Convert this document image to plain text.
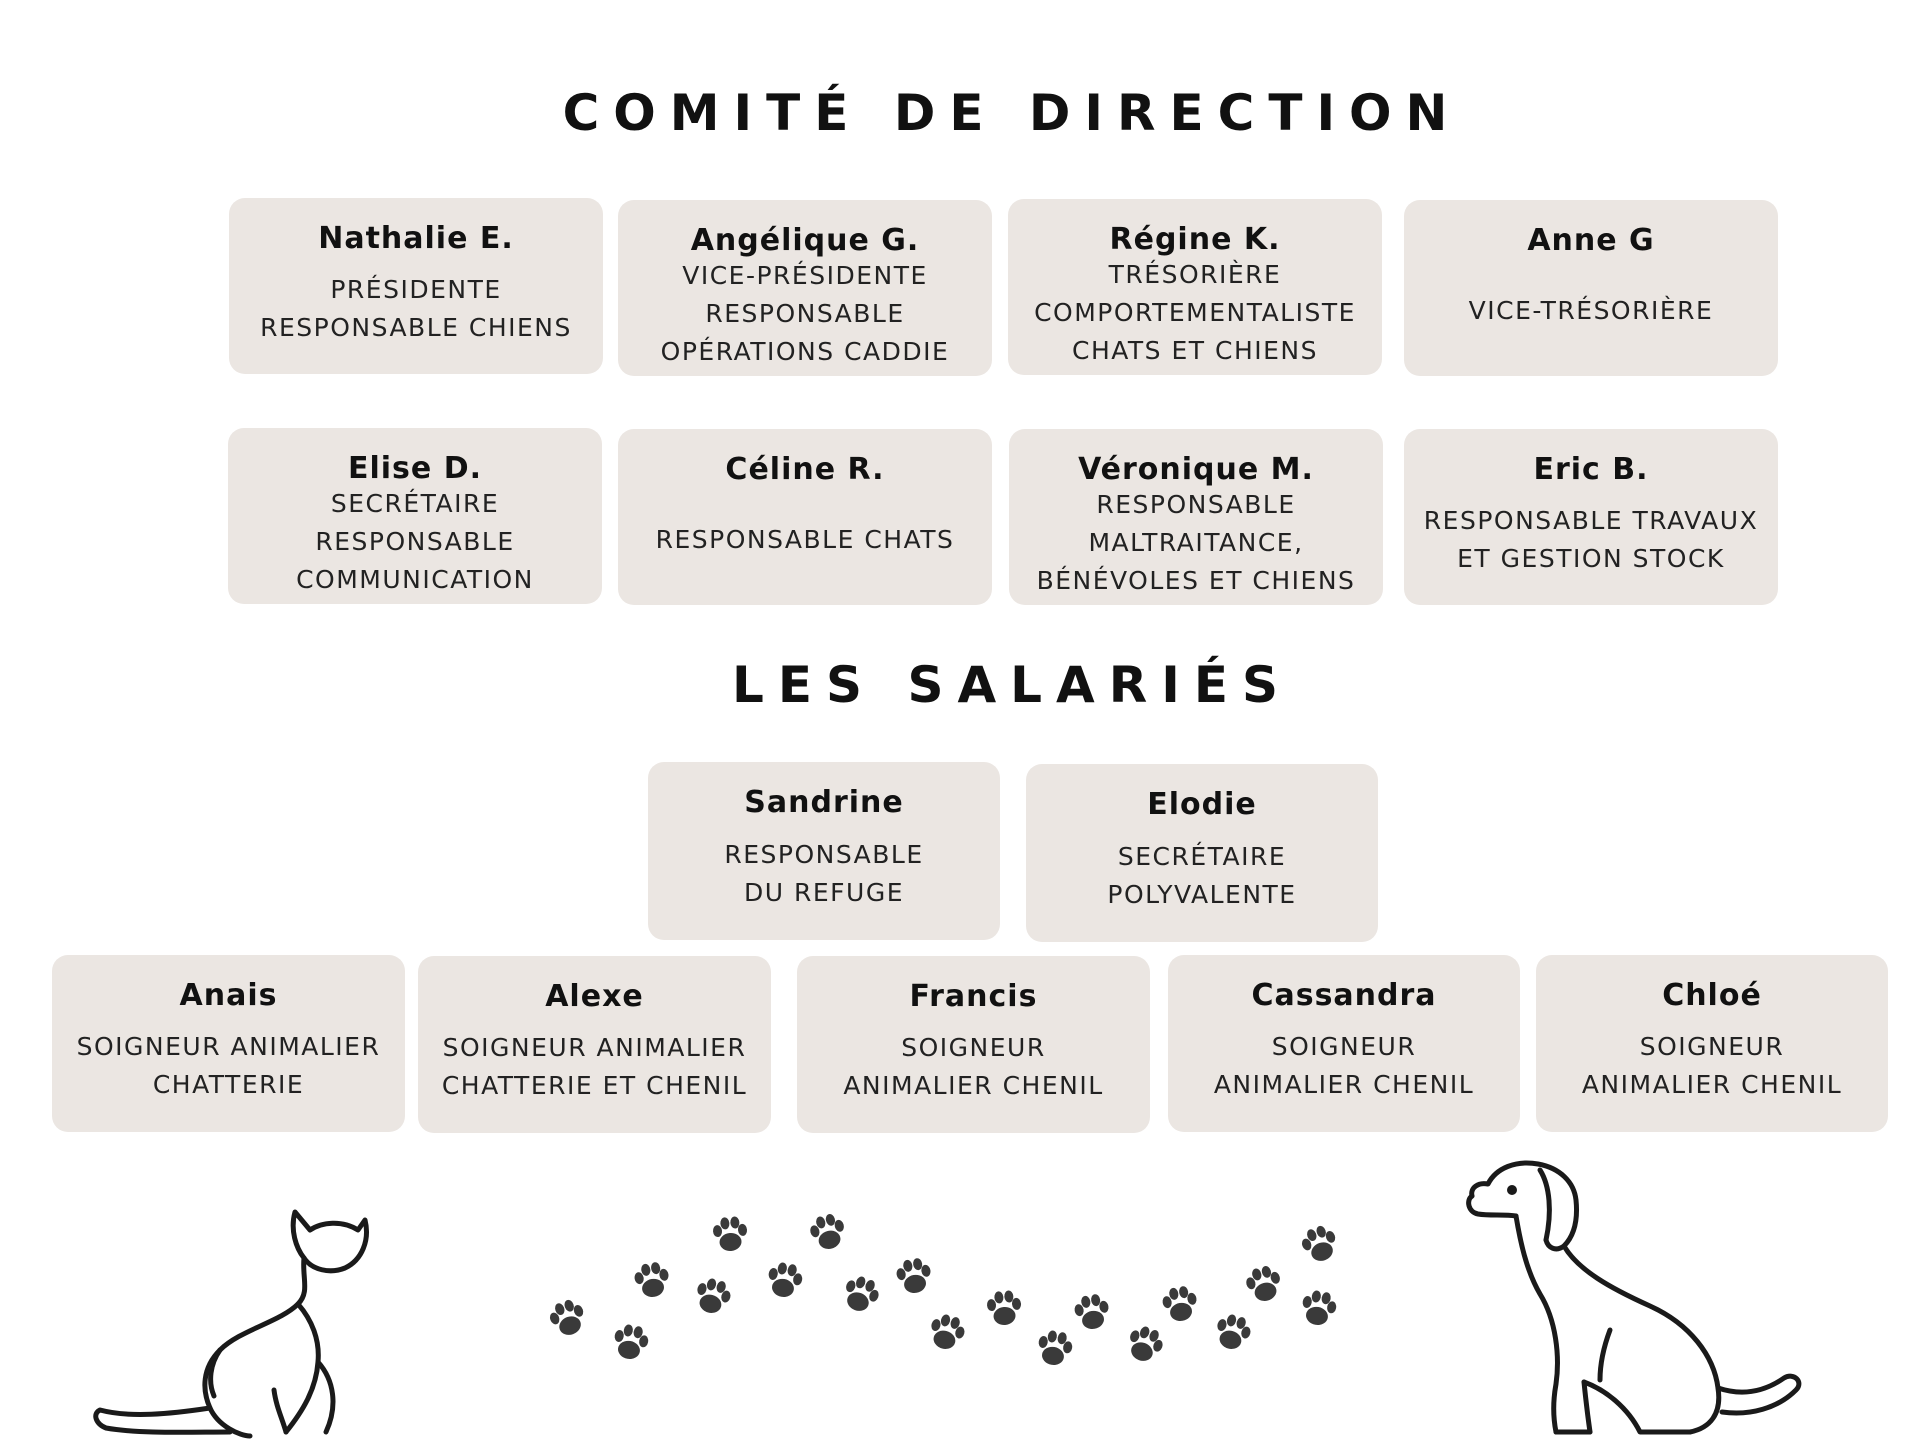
COMITÉ DE DIRECTION
Nathalie E.
PRÉSIDENTE
RESPONSABLE CHIENS
Angélique G.
VICE-PRÉSIDENTE
RESPONSABLE
OPÉRATIONS CADDIE
Régine K.
TRÉSORIÈRE
COMPORTEMENTALISTE
CHATS ET CHIENS
Anne G
VICE-TRÉSORIÈRE
Elise D.
SECRÉTAIRE
RESPONSABLE
COMMUNICATION
Céline R.
RESPONSABLE CHATS
Véronique M.
RESPONSABLE
MALTRAITANCE,
BÉNÉVOLES ET CHIENS
Eric B.
RESPONSABLE TRAVAUX
ET GESTION STOCK
LES SALARIÉS
Sandrine
RESPONSABLE
DU REFUGE
Elodie
SECRÉTAIRE
POLYVALENTE
Anais
SOIGNEUR ANIMALIER
CHATTERIE
Alexe
SOIGNEUR ANIMALIER
CHATTERIE ET CHENIL
Francis
SOIGNEUR
ANIMALIER CHENIL
Cassandra
SOIGNEUR
ANIMALIER CHENIL
Chloé
SOIGNEUR
ANIMALIER CHENIL
